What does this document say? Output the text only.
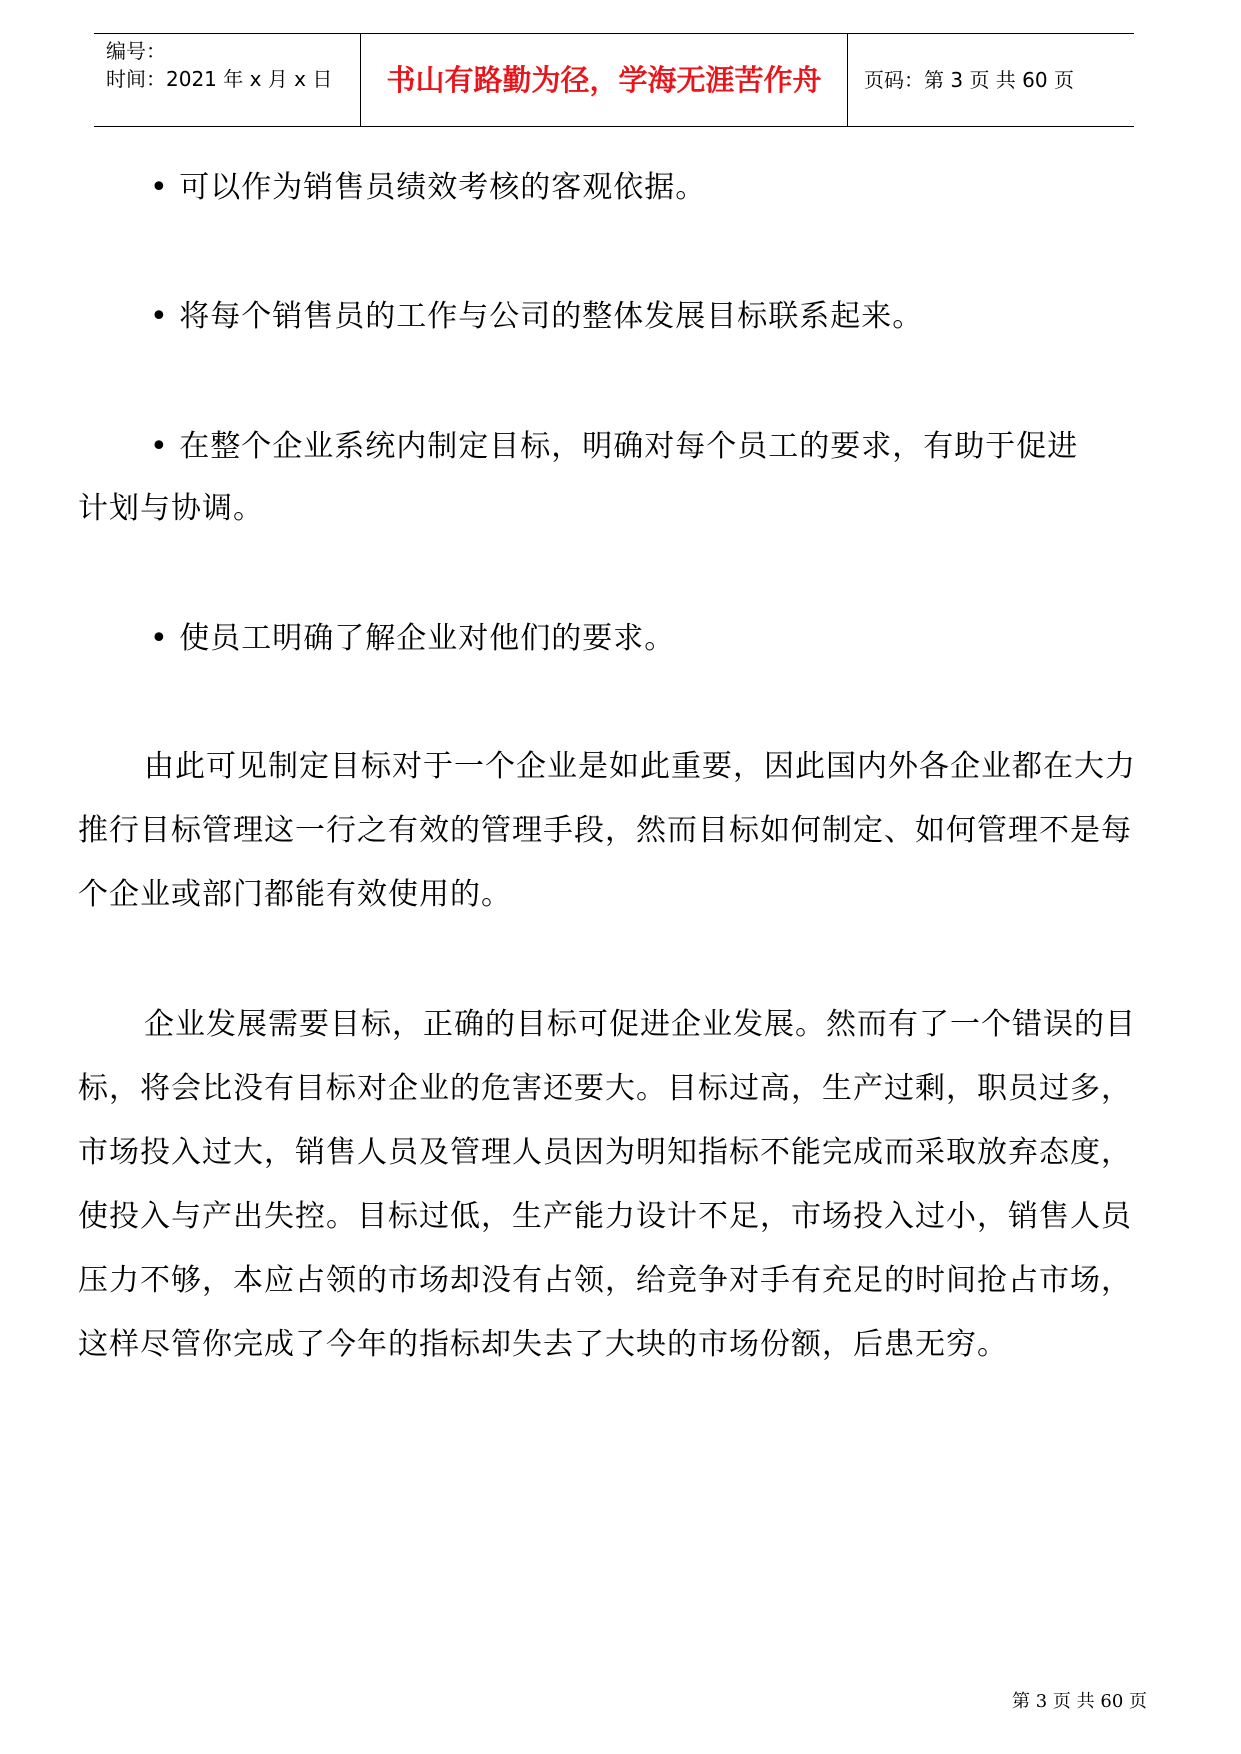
编号：
时间：2021 年 x 月 x 日	书山有路勤为径，学海无涯苦作舟	页码：第 3 页 共 60 页
• 可以作为销售员绩效考核的客观依据。
• 将每个销售员的工作与公司的整体发展目标联系起来。
• 在整个企业系统内制定目标，明确对每个员工的要求，有助于促进
计划与协调。
• 使员工明确了解企业对他们的要求。

由此可见制定目标对于一个企业是如此重要，因此国内外各企业都在大力推行目标管理这一行之有效的管理手段，然而目标如何制定、如何管理不是每个企业或部门都能有效使用的。

企业发展需要目标，正确的目标可促进企业发展。然而有了一个错误的目标，将会比没有目标对企业的危害还要大。目标过高，生产过剩，职员过多，市场投入过大，销售人员及管理人员因为明知指标不能完成而采取放弃态度，使投入与产出失控。目标过低，生产能力设计不足，市场投入过小，销售人员压力不够，本应占领的市场却没有占领，给竞争对手有充足的时间抢占市场，这样尽管你完成了今年的指标却失去了大块的市场份额，后患无穷。

第 3 页 共 60 页
